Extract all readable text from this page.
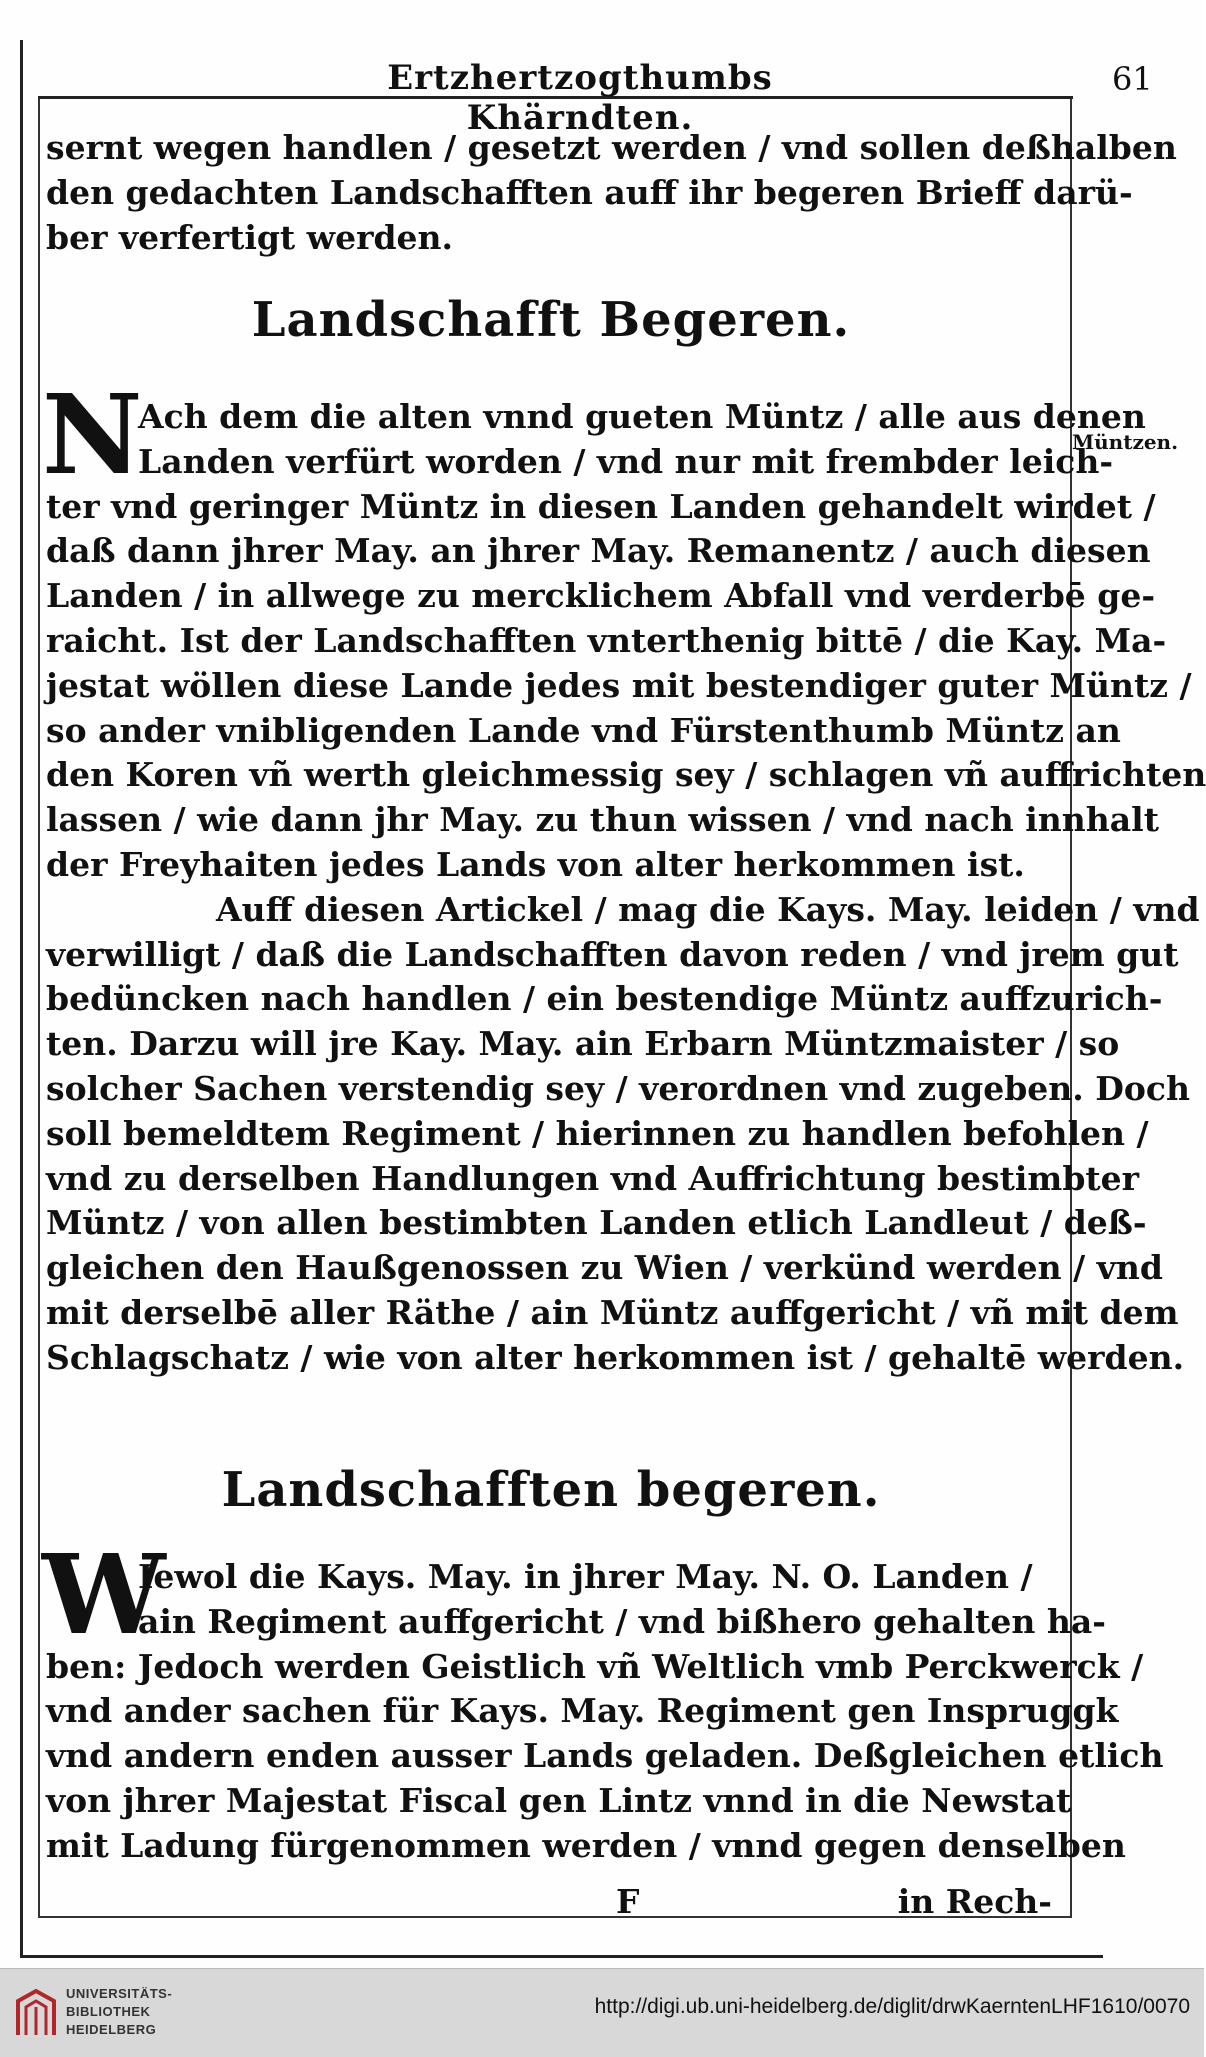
Ertzhertzogthumbs Khärndten.
61
sernt wegen handlen / gesetzt werden / vnd sollen deßhalben
den gedachten Landschafften auff ihr begeren Brieff darü-
ber verfertigt werden.
Landschafft Begeren.
N
Ach dem die alten vnnd gueten Müntz / alle aus denen
Landen verfürt worden / vnd nur mit frembder leich-
ter vnd geringer Müntz in diesen Landen gehandelt wirdet /
daß dann jhrer May. an jhrer May. Remanentz / auch diesen
Landen / in allwege zu mercklichem Abfall vnd verderbē ge-
raicht. Ist der Landschafften vnterthenig bittē / die Kay. Ma-
jestat wöllen diese Lande jedes mit bestendiger guter Müntz /
so ander vnibligenden Lande vnd Fürstenthumb Müntz an
den Koren vñ werth gleichmessig sey / schlagen vñ auffrichten
lassen / wie dann jhr May. zu thun wissen / vnd nach innhalt
der Freyhaiten jedes Lands von alter herkommen ist.
Auff diesen Artickel / mag die Kays. May. leiden / vnd
verwilligt / daß die Landschafften davon reden / vnd jrem gut
bedüncken nach handlen / ein bestendige Müntz auffzurich-
ten. Darzu will jre Kay. May. ain Erbarn Müntzmaister / so
solcher Sachen verstendig sey / verordnen vnd zugeben. Doch
soll bemeldtem Regiment / hierinnen zu handlen befohlen /
vnd zu derselben Handlungen vnd Auffrichtung bestimbter
Müntz / von allen bestimbten Landen etlich Landleut / deß-
gleichen den Haußgenossen zu Wien / verkünd werden / vnd
mit derselbē aller Räthe / ain Müntz auffgericht / vñ mit dem
Schlagschatz / wie von alter herkommen ist / gehaltē werden.
Müntzen.
Landschafften begeren.
W
Iewol die Kays. May. in jhrer May. N. O. Landen /
ain Regiment auffgericht / vnd bißhero gehalten ha-
ben: Jedoch werden Geistlich vñ Weltlich vmb Perckwerck /
vnd ander sachen für Kays. May. Regiment gen Inspruggk
vnd andern enden ausser Lands geladen. Deßgleichen etlich
von jhrer Majestat Fiscal gen Lintz vnnd in die Newstat
mit Ladung fürgenommen werden / vnnd gegen denselben
F	in Rech-
UNIVERSITÄTS-
BIBLIOTHEK
HEIDELBERG
http://digi.ub.uni-heidelberg.de/diglit/drwKaerntenLHF1610/0070
